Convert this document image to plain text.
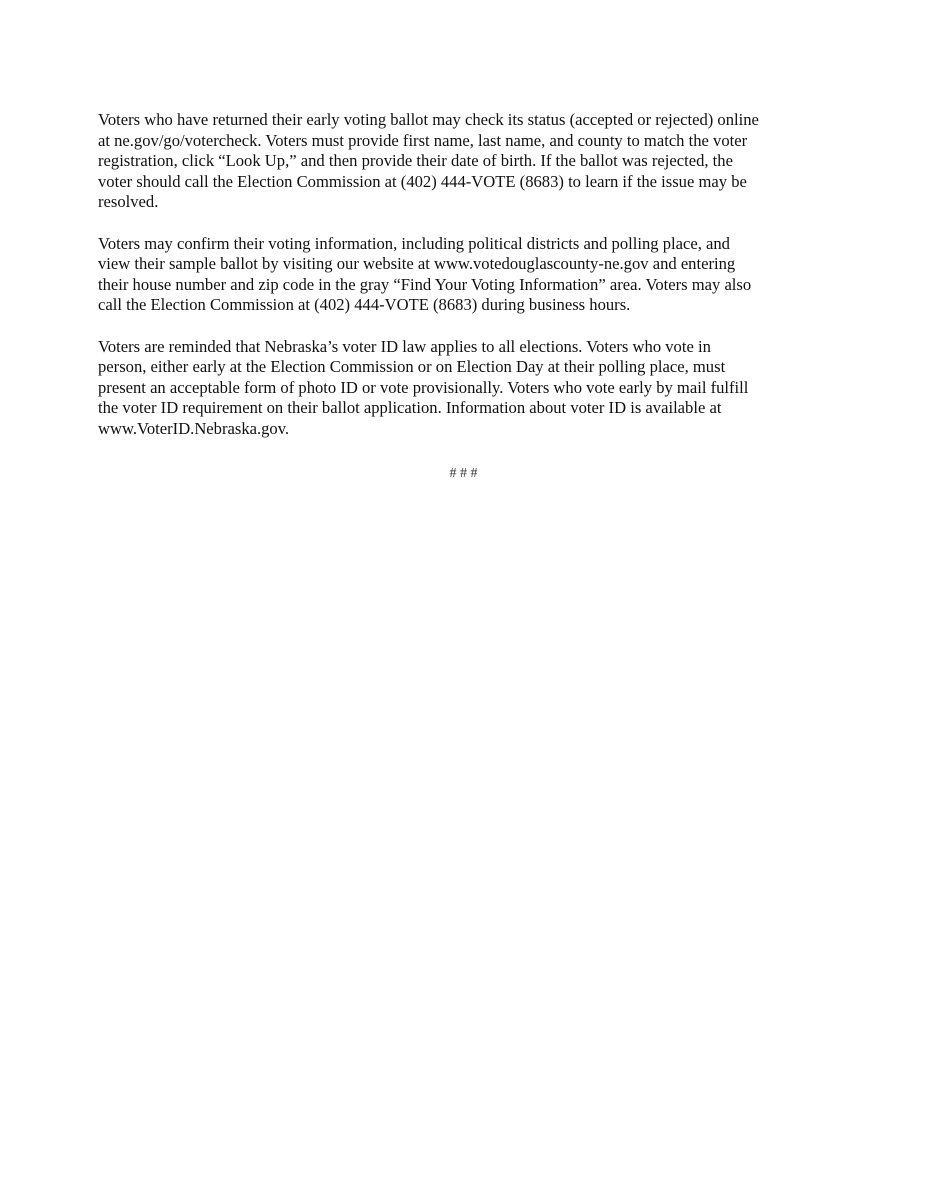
Voters who have returned their early voting ballot may check its status (accepted or rejected) online
at ne.gov/go/votercheck. Voters must provide first name, last name, and county to match the voter
registration, click “Look Up,” and then provide their date of birth. If the ballot was rejected, the
voter should call the Election Commission at (402) 444-VOTE (8683) to learn if the issue may be
resolved.

Voters may confirm their voting information, including political districts and polling place, and
view their sample ballot by visiting our website at www.votedouglascounty-ne.gov and entering
their house number and zip code in the gray “Find Your Voting Information” area. Voters may also
call the Election Commission at (402) 444-VOTE (8683) during business hours.

Voters are reminded that Nebraska’s voter ID law applies to all elections. Voters who vote in
person, either early at the Election Commission or on Election Day at their polling place, must
present an acceptable form of photo ID or vote provisionally. Voters who vote early by mail fulfill
the voter ID requirement on their ballot application. Information about voter ID is available at
www.VoterID.Nebraska.gov.

# # #
